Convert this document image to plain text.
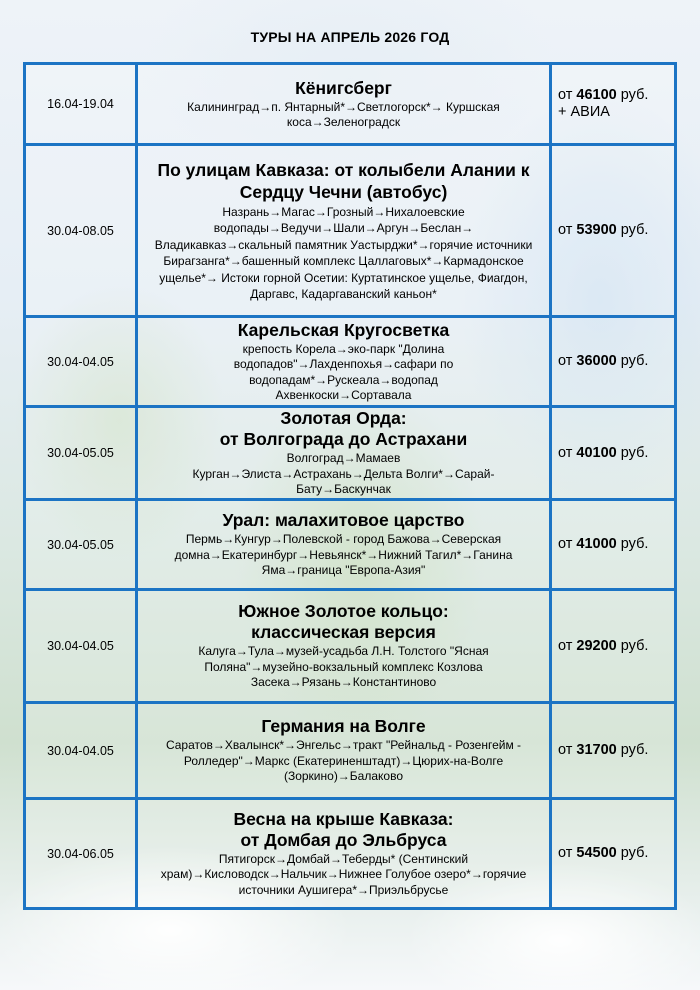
ТУРЫ НА АПРЕЛЬ 2026 ГОД
16.04-19.04
Кёнигсберг
Калининград→п. Янтарный*→Светлогорск*→ Куршская коса→Зеленоградск
от 46100 руб.
+ АВИА
30.04-08.05
По улицам Кавказа: от колыбели Алании к Сердцу Чечни (автобус)
Назрань→Магас→Грозный→Нихалоевские водопады→Ведучи→Шали→Аргун→Беслан→ Владикавказ→скальный памятник Уастырджи*→горячие источники Бирагзанга*→башенный комплекс Цаллаговых*→Кармадонское ущелье*→ Истоки горной Осетии: Куртатинское ущелье, Фиагдон, Даргавс, Кадаргаванский каньон*
от 53900 руб.
30.04-04.05
Карельская Кругосветка
крепость Корела→эко-парк "Долина водопадов"→Лахденпохья→сафари по водопадам*→Рускеала→водопад Ахвенкоски→Сортавала
от 36000 руб.
30.04-05.05
Золотая Орда:
от Волгограда до Астрахани
Волгоград→Мамаев Курган→Элиста→Астрахань→Дельта Волги*→Сарай-Бату→Баскунчак
от 40100 руб.
30.04-05.05
Урал: малахитовое царство
Пермь→Кунгур→Полевской - город Бажова→Северская домна→Екатеринбург→Невьянск*→Нижний Тагил*→Ганина Яма→граница "Европа-Азия"
от 41000 руб.
30.04-04.05
Южное Золотое кольцо:
классическая версия
Калуга→Тула→музей-усадьба Л.Н. Толстого "Ясная Поляна"→музейно-вокзальный комплекс Козлова Засека→Рязань→Константиново
от 29200 руб.
30.04-04.05
Германия на Волге
Саратов→Хвалынск*→Энгельс→тракт "Рейнальд - Розенгейм - Ролледер"→Маркс (Екатериненштадт)→Цюрих-на-Волге (Зоркино)→Балаково
от 31700 руб.
30.04-06.05
Весна на крыше Кавказа:
от Домбая до Эльбруса
Пятигорск→Домбай→Теберды* (Сентинский храм)→Кисловодск→Нальчик→Нижнее Голубое озеро*→горячие источники Аушигера*→Приэльбрусье
от 54500 руб.
